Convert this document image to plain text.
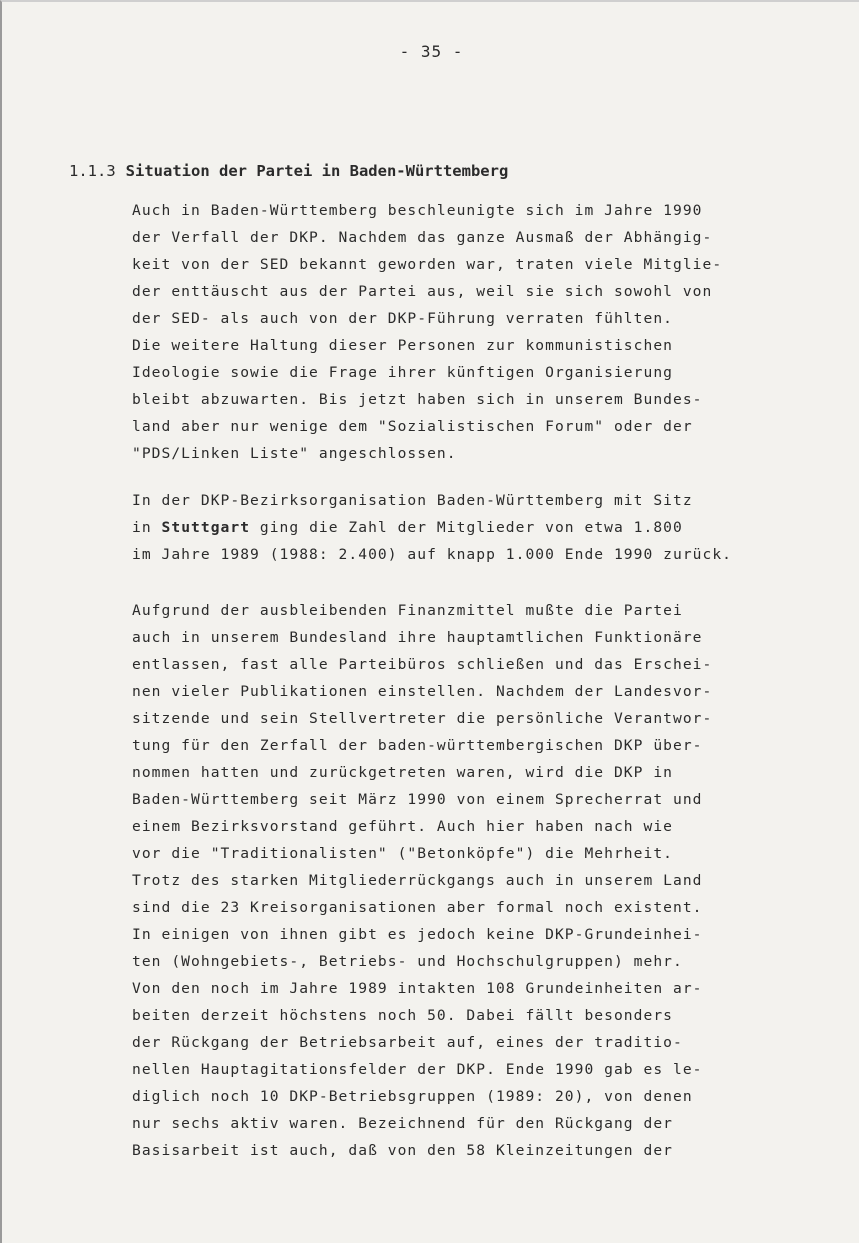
- 35 -
1.1.3 Situation der Partei in Baden-Württemberg
Auch in Baden-Württemberg beschleunigte sich im Jahre 1990
der Verfall der DKP. Nachdem das ganze Ausmaß der Abhängig-
keit von der SED bekannt geworden war, traten viele Mitglie-
der enttäuscht aus der Partei aus, weil sie sich sowohl von
der SED- als auch von der DKP-Führung verraten fühlten.
Die weitere Haltung dieser Personen zur kommunistischen
Ideologie sowie die Frage ihrer künftigen Organisierung
bleibt abzuwarten. Bis jetzt haben sich in unserem Bundes-
land aber nur wenige dem "Sozialistischen Forum" oder der
"PDS/Linken Liste" angeschlossen.
In der DKP-Bezirksorganisation Baden-Württemberg mit Sitz
in Stuttgart ging die Zahl der Mitglieder von etwa 1.800
im Jahre 1989 (1988: 2.400) auf knapp 1.000 Ende 1990 zurück.
Aufgrund der ausbleibenden Finanzmittel mußte die Partei
auch in unserem Bundesland ihre hauptamtlichen Funktionäre
entlassen, fast alle Parteibüros schließen und das Erschei-
nen vieler Publikationen einstellen. Nachdem der Landesvor-
sitzende und sein Stellvertreter die persönliche Verantwor-
tung für den Zerfall der baden-württembergischen DKP über-
nommen hatten und zurückgetreten waren, wird die DKP in
Baden-Württemberg seit März 1990 von einem Sprecherrat und
einem Bezirksvorstand geführt. Auch hier haben nach wie
vor die "Traditionalisten" ("Betonköpfe") die Mehrheit.
Trotz des starken Mitgliederrückgangs auch in unserem Land
sind die 23 Kreisorganisationen aber formal noch existent.
In einigen von ihnen gibt es jedoch keine DKP-Grundeinhei-
ten (Wohngebiets-, Betriebs- und Hochschulgruppen) mehr.
Von den noch im Jahre 1989 intakten 108 Grundeinheiten ar-
beiten derzeit höchstens noch 50. Dabei fällt besonders
der Rückgang der Betriebsarbeit auf, eines der traditio-
nellen Hauptagitationsfelder der DKP. Ende 1990 gab es le-
diglich noch 10 DKP-Betriebsgruppen (1989: 20), von denen
nur sechs aktiv waren. Bezeichnend für den Rückgang der
Basisarbeit ist auch, daß von den 58 Kleinzeitungen der
